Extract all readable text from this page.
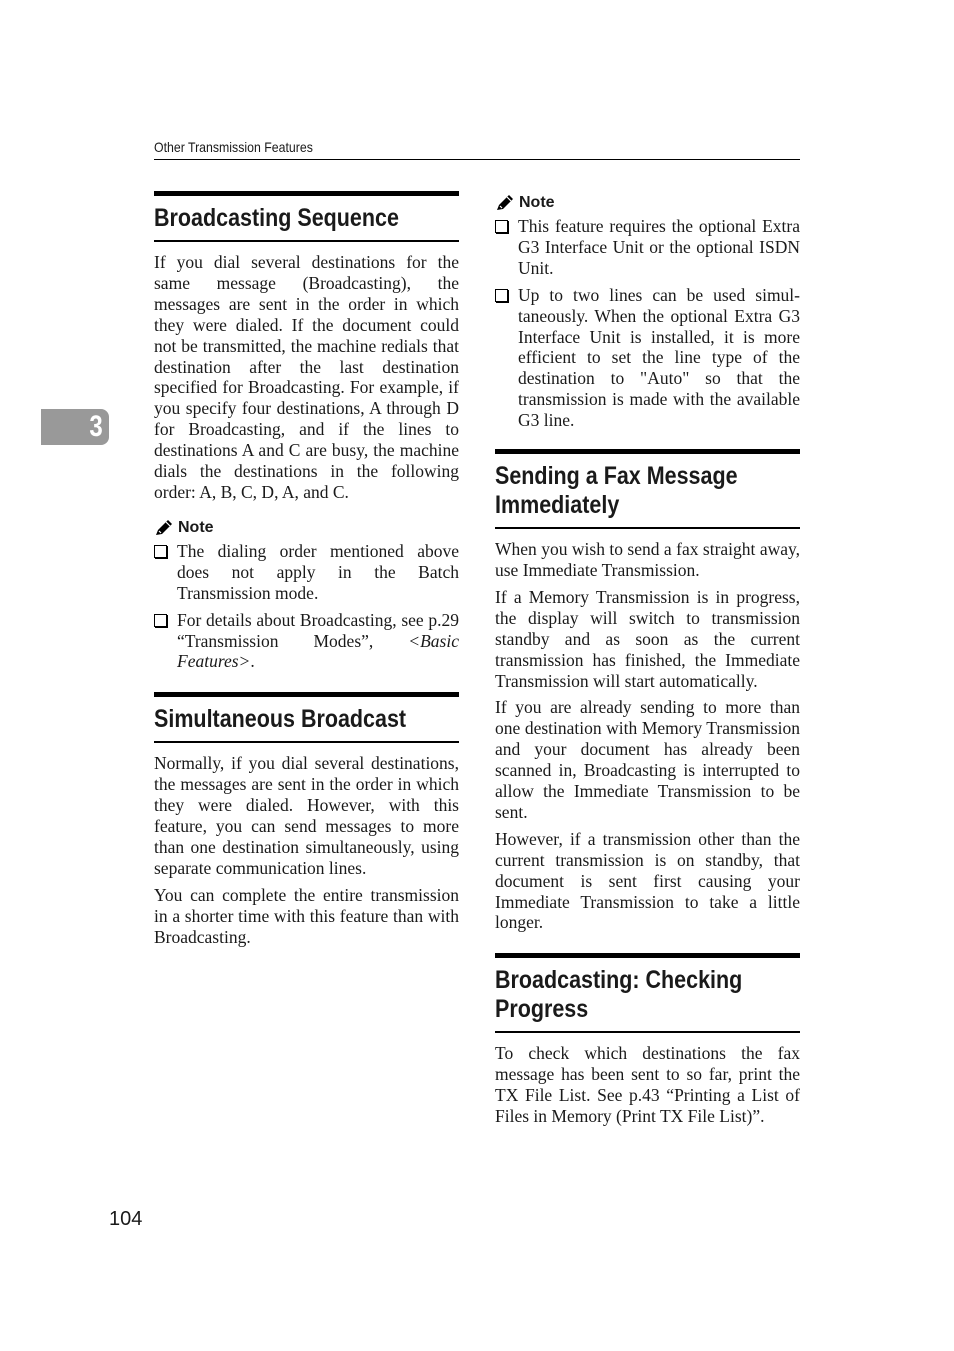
Other Transmission Features
3
Broadcasting Sequence

If you dial several destinations for the same message (Broadcasting), the messages are sent in the order in which they were dialed. If the document could not be transmitted, the machine redials that destination after the last destination specified for Broadcasting. For example, if you specify four destinations, A through D for Broadcasting, and if the lines to destinations A and C are busy, the machine dials the destinations in the following order: A, B, C, D, A, and C.

Note

The dialing order mentioned above does not apply in the Batch Transmission mode.

For details about Broadcasting, see p.29 “Transmission Modes”, <Basic Features>.

Simultaneous Broadcast

Normally, if you dial several destinations, the messages are sent in the order in which they were dialed. However, with this feature, you can send messages to more than one destination simultaneously, using separate communication lines.

You can complete the entire transmission in a shorter time with this feature than with Broadcasting.

Note

This feature requires the optional Extra G3 Interface Unit or the optional ISDN Unit.

Up to two lines can be used simultaneously. When the optional Extra G3 Interface Unit is installed, it is more efficient to set the line type of the destination to "Auto" so that the transmission is made with the available G3 line.

Sending a Fax Message
Immediately

When you wish to send a fax straight away, use Immediate Transmission.

If a Memory Transmission is in progress, the display will switch to transmission standby and as soon as the current transmission has finished, the Immediate Transmission will start automatically.

If you are already sending to more than one destination with Memory Transmission and your document has already been scanned in, Broadcasting is interrupted to allow the Immediate Transmission to be sent.

However, if a transmission other than the current transmission is on standby, that document is sent first causing your Immediate Transmission to take a little longer.

Broadcasting: Checking
Progress

To check which destinations the fax message has been sent to so far, print the TX File List. See p.43 “Printing a List of Files in Memory (Print TX File List)”.

104
